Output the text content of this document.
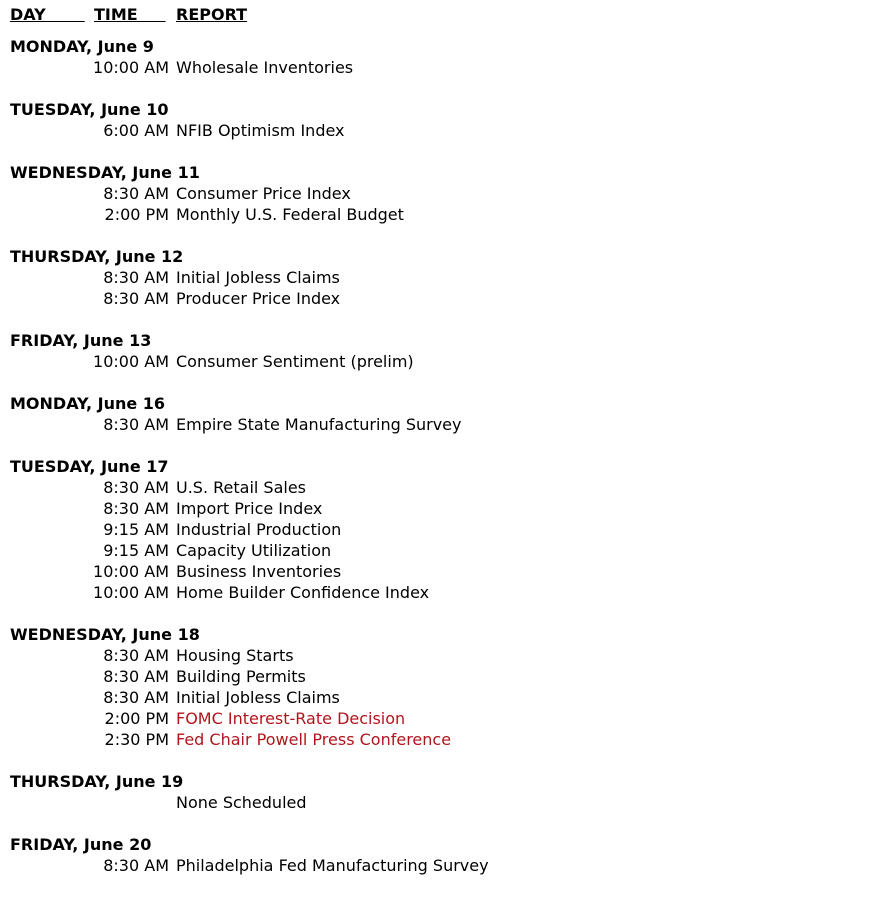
DAY TIME REPORT
MONDAY, June 9
10:00 AM Wholesale Inventories
TUESDAY, June 10
6:00 AM NFIB Optimism Index
WEDNESDAY, June 11
8:30 AM Consumer Price Index
2:00 PM Monthly U.S. Federal Budget
THURSDAY, June 12
8:30 AM Initial Jobless Claims
8:30 AM Producer Price Index
FRIDAY, June 13
10:00 AM Consumer Sentiment (prelim)
MONDAY, June 16
8:30 AM Empire State Manufacturing Survey
TUESDAY, June 17
8:30 AM U.S. Retail Sales
8:30 AM Import Price Index
9:15 AM Industrial Production
9:15 AM Capacity Utilization
10:00 AM Business Inventories
10:00 AM Home Builder Confidence Index
WEDNESDAY, June 18
8:30 AM Housing Starts
8:30 AM Building Permits
8:30 AM Initial Jobless Claims
2:00 PM FOMC Interest-Rate Decision
2:30 PM Fed Chair Powell Press Conference
THURSDAY, June 19
None Scheduled
FRIDAY, June 20
8:30 AM Philadelphia Fed Manufacturing Survey
